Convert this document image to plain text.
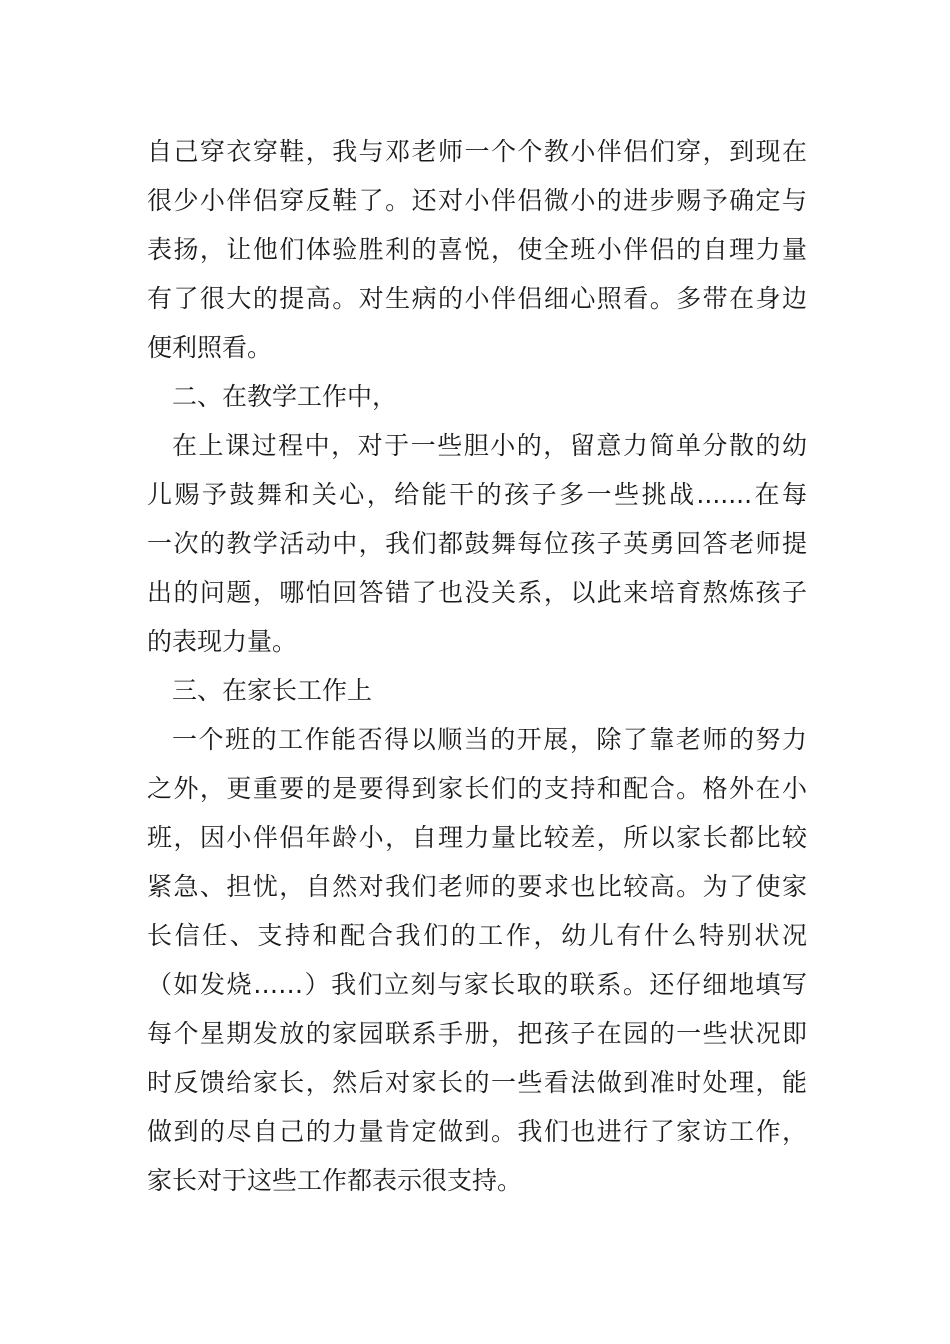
自己穿衣穿鞋，我与邓老师一个个教小伴侣们穿，到现在
很少小伴侣穿反鞋了。还对小伴侣微小的进步赐予确定与
表扬，让他们体验胜利的喜悦，使全班小伴侣的自理力量
有了很大的提高。对生病的小伴侣细心照看。多带在身边
便利照看。
二、在教学工作中，
在上课过程中，对于一些胆小的，留意力简单分散的幼
儿赐予鼓舞和关心，给能干的孩子多一些挑战.......在每
一次的教学活动中，我们都鼓舞每位孩子英勇回答老师提
出的问题，哪怕回答错了也没关系，以此来培育熬炼孩子
的表现力量。
三、在家长工作上
一个班的工作能否得以顺当的开展，除了靠老师的努力
之外，更重要的是要得到家长们的支持和配合。格外在小
班，因小伴侣年龄小，自理力量比较差，所以家长都比较
紧急、担忧，自然对我们老师的要求也比较高。为了使家
长信任、支持和配合我们的工作，幼儿有什么特别状况
（如发烧……）我们立刻与家长取的联系。还仔细地填写
每个星期发放的家园联系手册，把孩子在园的一些状况即
时反馈给家长，然后对家长的一些看法做到准时处理，能
做到的尽自己的力量肯定做到。我们也进行了家访工作，
家长对于这些工作都表示很支持。
